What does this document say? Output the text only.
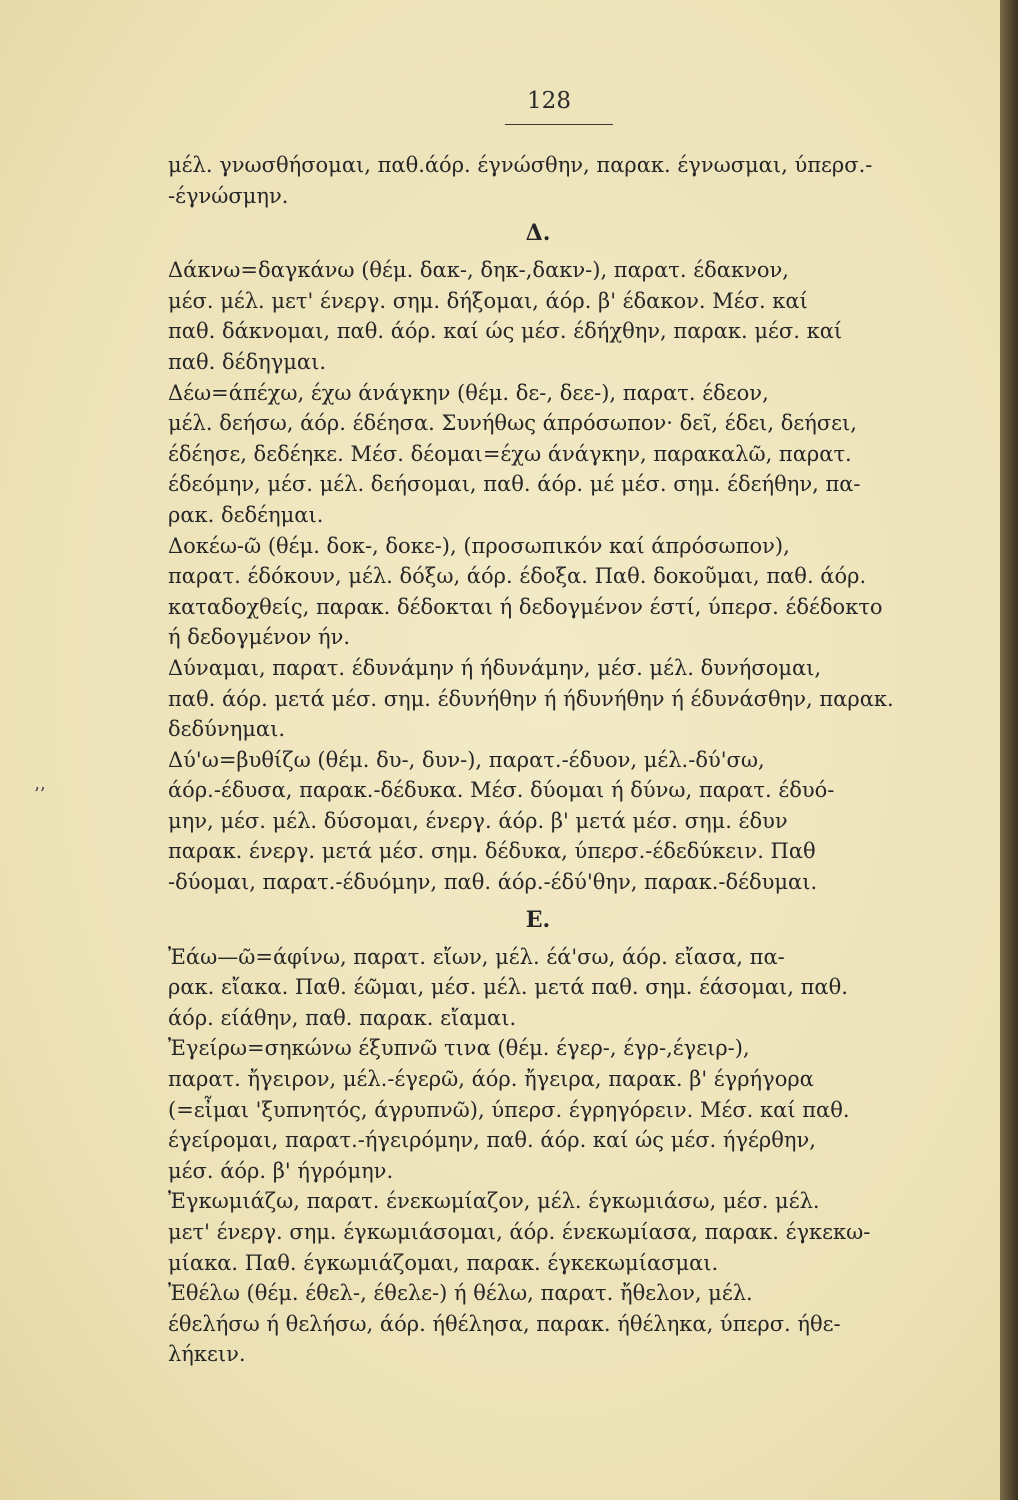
128
’’
μέλ. γνωσθήσομαι, παθ.άόρ. έγνώσθην, παρακ. έγνωσμαι, ύπερσ.-
-έγνώσμην.
Δ.
Δάκνω=δαγκάνω (θέμ. δακ-, δηκ-,δακν-), παρατ. έδακνον,
μέσ. μέλ. μετ' ένεργ. σημ. δήξομαι, άόρ. β' έδακον. Μέσ. καί
παθ. δάκνομαι, παθ. άόρ. καί ώς μέσ. έδήχθην, παρακ. μέσ. καί
παθ. δέδηγμαι.
Δέω=άπέχω, έχω άνάγκην (θέμ. δε-, δεε-), παρατ. έδεον,
μέλ. δεήσω, άόρ. έδέησα. Συνήθως άπρόσωπον· δεῖ, έδει, δεήσει,
έδέησε, δεδέηκε. Μέσ. δέομαι=έχω άνάγκην, παρακαλῶ, παρατ.
έδεόμην, μέσ. μέλ. δεήσομαι, παθ. άόρ. μέ μέσ. σημ. έδεήθην, πα-
ρακ. δεδέημαι.
Δοκέω-ῶ (θέμ. δοκ-, δοκε-), (προσωπικόν καί άπρόσωπον),
παρατ. έδόκουν, μέλ. δόξω, άόρ. έδοξα. Παθ. δοκοῦμαι, παθ. άόρ.
καταδοχθείς, παρακ. δέδοκται ή δεδογμένον έστί, ύπερσ. έδέδοκτο
ή δεδογμένον ήν.
Δύναμαι, παρατ. έδυνάμην ή ήδυνάμην, μέσ. μέλ. δυνήσομαι,
παθ. άόρ. μετά μέσ. σημ. έδυνήθην ή ήδυνήθην ή έδυνάσθην, παρακ.
δεδύνημαι.
Δύ'ω=βυθίζω (θέμ. δυ-, δυν-), παρατ.-έδυον, μέλ.-δύ'σω,
άόρ.-έδυσα, παρακ.-δέδυκα. Μέσ. δύομαι ή δύνω, παρατ. έδυό-
μην, μέσ. μέλ. δύσομαι, ένεργ. άόρ. β' μετά μέσ. σημ. έδυν
παρακ. ένεργ. μετά μέσ. σημ. δέδυκα, ύπερσ.-έδεδύκειν. Παθ
-δύομαι, παρατ.-έδυόμην, παθ. άόρ.-έδύ'θην, παρακ.-δέδυμαι.
Ε.
Ἐάω—ῶ=άφίνω, παρατ. εἴων, μέλ. έά'σω, άόρ. εἴασα, πα-
ρακ. εἴακα. Παθ. έῶμαι, μέσ. μέλ. μετά παθ. σημ. έάσομαι, παθ.
άόρ. είάθην, παθ. παρακ. εἴαμαι.
Ἐγείρω=σηκώνω έξυπνῶ τινα (θέμ. έγερ-, έγρ-,έγειρ-),
παρατ. ἤγειρον, μέλ.-έγερῶ, άόρ. ἤγειρα, παρακ. β' έγρήγορα
(=εἶμαι 'ξυπνητός, άγρυπνῶ), ύπερσ. έγρηγόρειν. Μέσ. καί παθ.
έγείρομαι, παρατ.-ήγειρόμην, παθ. άόρ. καί ώς μέσ. ήγέρθην,
μέσ. άόρ. β' ήγρόμην.
Ἐγκωμιάζω, παρατ. ένεκωμίαζον, μέλ. έγκωμιάσω, μέσ. μέλ.
μετ' ένεργ. σημ. έγκωμιάσομαι, άόρ. ένεκωμίασα, παρακ. έγκεκω-
μίακα. Παθ. έγκωμιάζομαι, παρακ. έγκεκωμίασμαι.
Ἐθέλω (θέμ. έθελ-, έθελε-) ή θέλω, παρατ. ἤθελον, μέλ.
έθελήσω ή θελήσω, άόρ. ήθέλησα, παρακ. ήθέληκα, ύπερσ. ήθε-
λήκειν.
